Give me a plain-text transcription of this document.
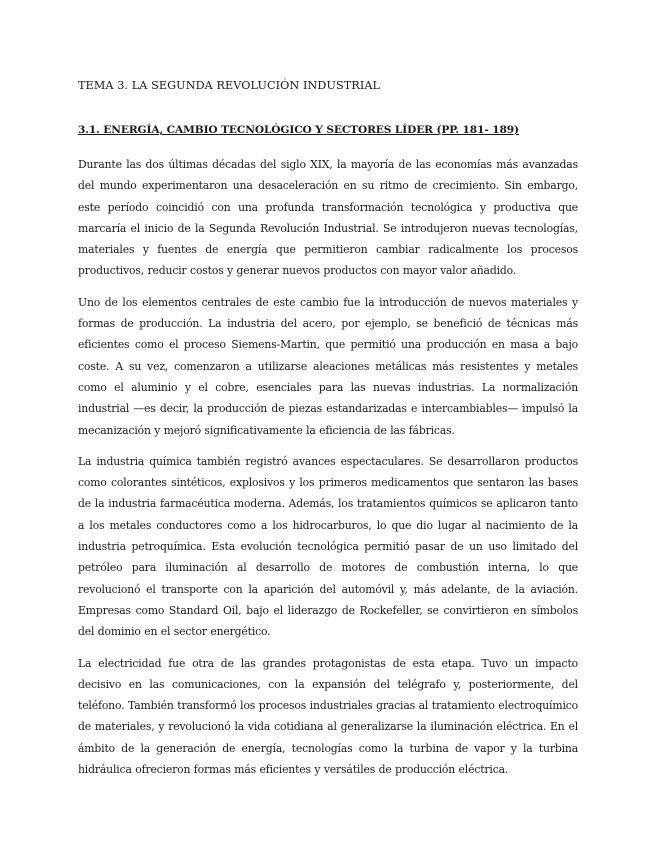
TEMA 3. LA SEGUNDA REVOLUCIÓN INDUSTRIAL
3.1. ENERGÍA, CAMBIO TECNOLÓGICO Y SECTORES LÍDER (PP. 181- 189)

Durante las dos últimas décadas del siglo XIX, la mayoría de las economías más avanzadas del mundo experimentaron una desaceleración en su ritmo de crecimiento. Sin embargo, este período coincidió con una profunda transformación tecnológica y productiva que marcaría el inicio de la Segunda Revolución Industrial. Se introdujeron nuevas tecnologías, materiales y fuentes de energía que permitieron cambiar radicalmente los procesos productivos, reducir costos y generar nuevos productos con mayor valor añadido.

Uno de los elementos centrales de este cambio fue la introducción de nuevos materiales y formas de producción. La industria del acero, por ejemplo, se benefició de técnicas más eficientes como el proceso Siemens-Martin, que permitió una producción en masa a bajo coste. A su vez, comenzaron a utilizarse aleaciones metálicas más resistentes y metales como el aluminio y el cobre, esenciales para las nuevas industrias. La normalización industrial —es decir, la producción de piezas estandarizadas e intercambiables— impulsó la mecanización y mejoró significativamente la eficiencia de las fábricas.

La industria química también registró avances espectaculares. Se desarrollaron productos como colorantes sintéticos, explosivos y los primeros medicamentos que sentaron las bases de la industria farmacéutica moderna. Además, los tratamientos químicos se aplicaron tanto a los metales conductores como a los hidrocarburos, lo que dio lugar al nacimiento de la industria petroquímica. Esta evolución tecnológica permitió pasar de un uso limitado del petróleo para iluminación al desarrollo de motores de combustión interna, lo que revolucionó el transporte con la aparición del automóvil y, más adelante, de la aviación. Empresas como Standard Oil, bajo el liderazgo de Rockefeller, se convirtieron en símbolos del dominio en el sector energético.

La electricidad fue otra de las grandes protagonistas de esta etapa. Tuvo un impacto decisivo en las comunicaciones, con la expansión del telégrafo y, posteriormente, del teléfono. También transformó los procesos industriales gracias al tratamiento electroquímico de materiales, y revolucionó la vida cotidiana al generalizarse la iluminación eléctrica. En el ámbito de la generación de energía, tecnologías como la turbina de vapor y la turbina hidráulica ofrecieron formas más eficientes y versátiles de producción eléctrica.
